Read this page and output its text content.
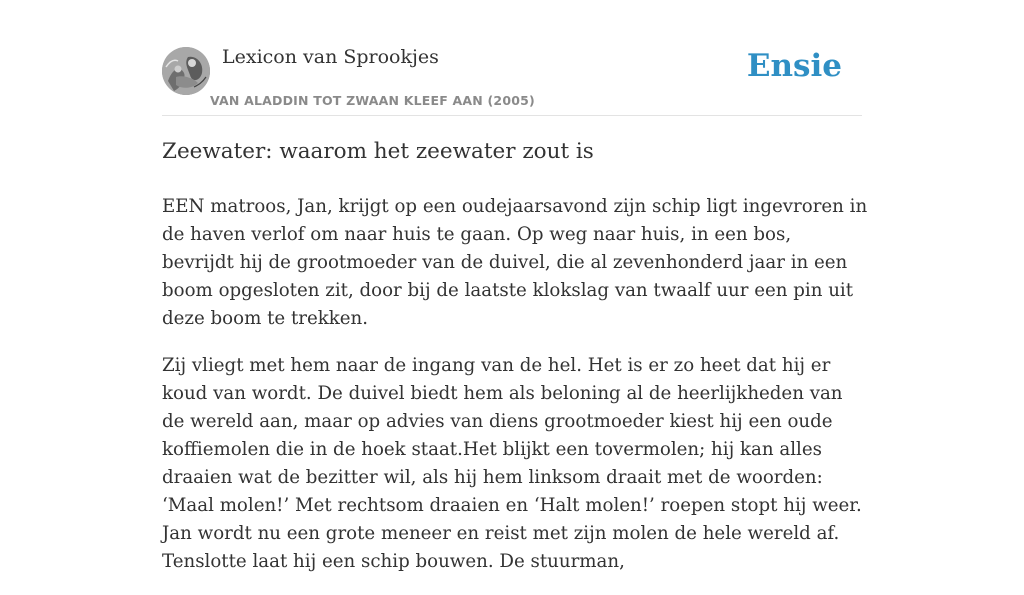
Lexicon van Sprookjes
VAN ALADDIN TOT ZWAAN KLEEF AAN (2005)
Ensie
Zeewater: waarom het zeewater zout is

EEN matroos, Jan, krijgt op een oudejaarsavond zijn schip ligt ingevroren in de haven verlof om naar huis te gaan. Op weg naar huis, in een bos, bevrijdt hij de grootmoeder van de duivel, die al zevenhonderd jaar in een boom opgesloten zit, door bij de laatste klokslag van twaalf uur een pin uit deze boom te trekken.

Zij vliegt met hem naar de ingang van de hel. Het is er zo heet dat hij er koud van wordt. De duivel biedt hem als beloning al de heerlijkheden van de wereld aan, maar op advies van diens grootmoeder kiest hij een oude koffiemolen die in de hoek staat.Het blijkt een tovermolen; hij kan alles draaien wat de bezitter wil, als hij hem linksom draait met de woorden: ‘Maal molen!’ Met rechtsom draaien en ‘Halt molen!’ roepen stopt hij weer. Jan wordt nu een grote meneer en reist met zijn molen de hele wereld af. Tenslotte laat hij een schip bouwen. De stuurman,
